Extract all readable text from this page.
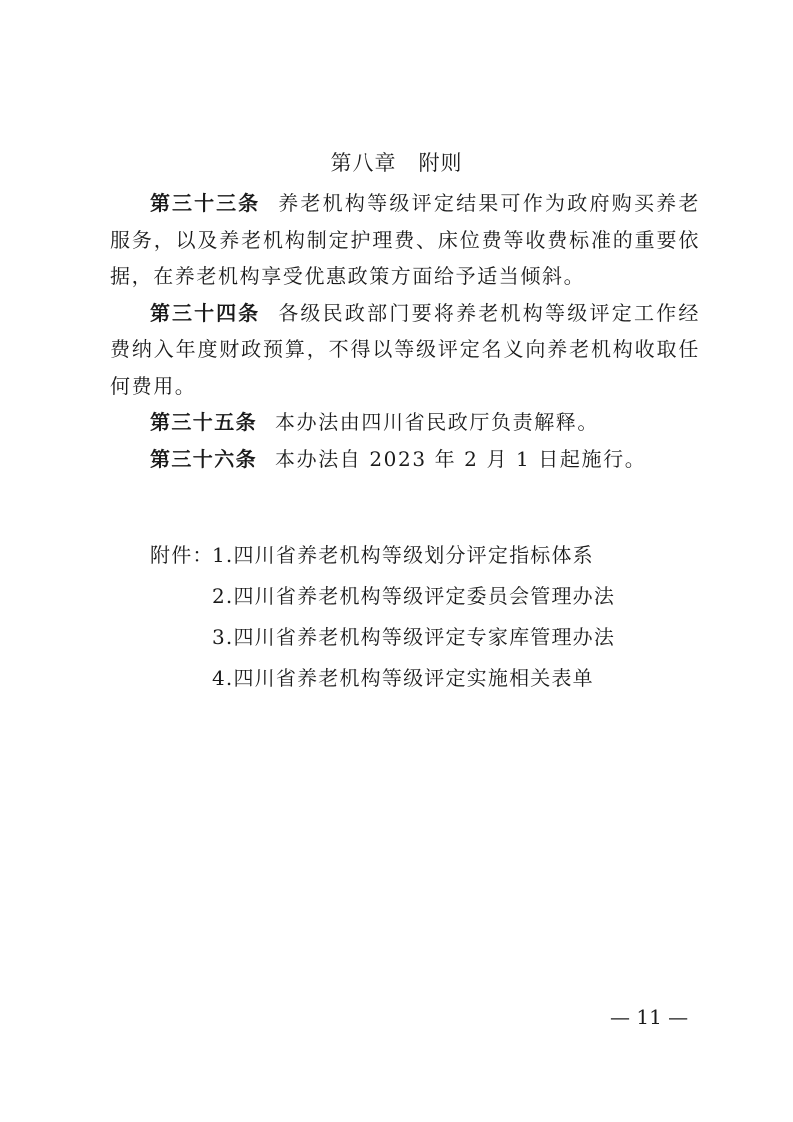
第八章　附则

第三十三条 养老机构等级评定结果可作为政府购买养老服务，以及养老机构制定护理费、床位费等收费标准的重要依据，在养老机构享受优惠政策方面给予适当倾斜。

第三十四条 各级民政部门要将养老机构等级评定工作经费纳入年度财政预算，不得以等级评定名义向养老机构收取任何费用。

第三十五条 本办法由四川省民政厅负责解释。

第三十六条 本办法自 2023 年 2 月 1 日起施行。

附件：
1.四川省养老机构等级划分评定指标体系
2.四川省养老机构等级评定委员会管理办法
3.四川省养老机构等级评定专家库管理办法
4.四川省养老机构等级评定实施相关表单
— 11 —
